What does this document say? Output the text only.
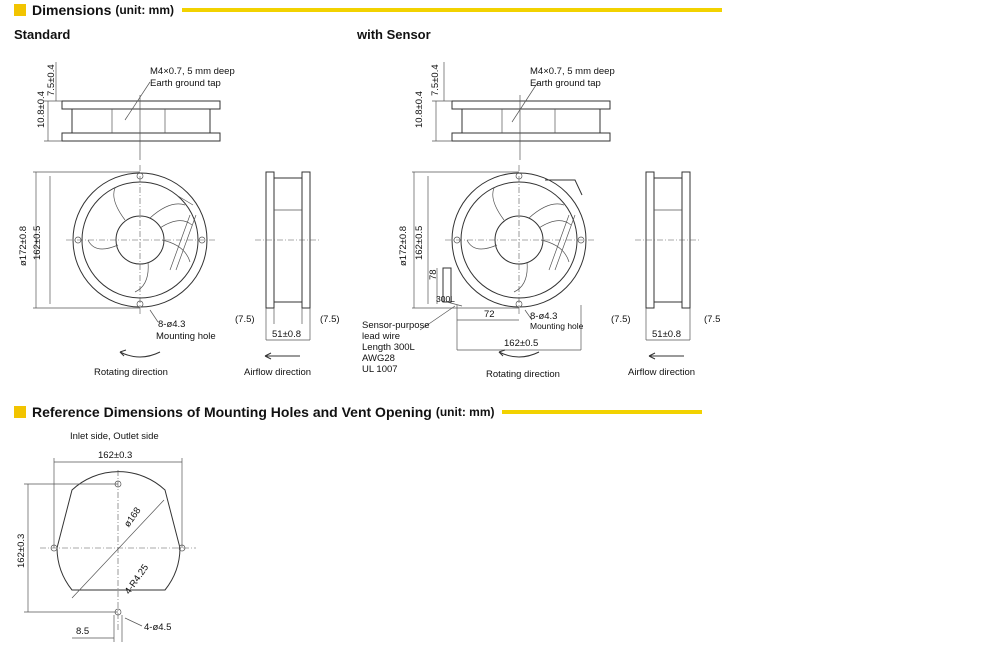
Dimensions (unit: mm)
Standard	with Sensor
10.8±0.4
7.5±0.4	M4×0.7, 5 mm deep
Earth ground tap
ø172±0.8 162±0.5
8-ø4.3
Mounting hole
Rotating direction
(7.5)	(7.5)
51±0.8
Airflow direction
10.8±0.4
7.5±0.4	M4×0.7, 5 mm deep
Earth ground tap
ø172±0.8 162±0.5
78
300L
72	8-ø4.3
Mounting hole
162±0.5
Sensor-purpose
lead wire
Length 300L
AWG28
UL 1007	Rotating direction
(7.5)	(7.5
51±0.8
Airflow direction
Reference Dimensions of Mounting Holes and Vent Opening (unit: mm)
Inlet side, Outlet side
162±0.3
162±0.3
ø168
4-R4.25
8.5	4-ø4.5
